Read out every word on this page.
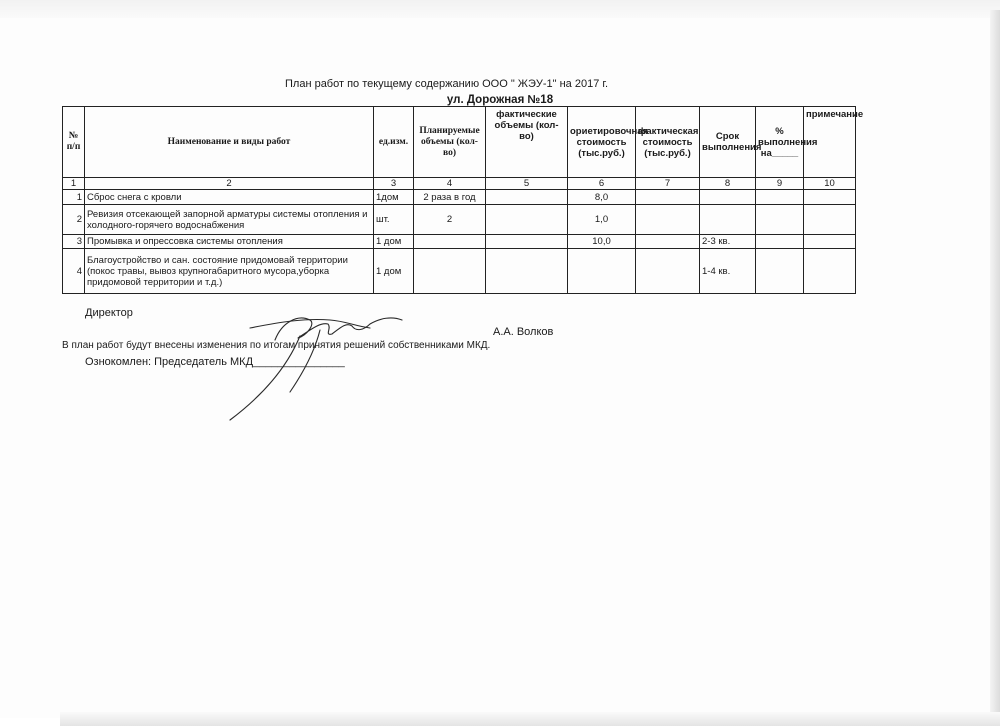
План работ по текущему содержанию ООО " ЖЭУ-1" на 2017 г.
ул. Дорожная №18
№ п/п	Наименование и виды работ	ед.изм.	Планируемые объемы (кол-во)	фактические объемы (кол-во)	ориетировочная стоимость (тыс.руб.)	фактическая стоимость (тыс.руб.)	Срок выполнения	% выполнения на_____	примечание
1	2	3	4	5	6	7	8	9	10
1	Сброс снега с кровли	1дом	2 раза в год		8,0				
2	Ревизия отсекающей запорной арматуры системы отопления и холодного-горячего водоснабжения	шт.	2		1,0				
3	Промывка и опрессовка системы отопления	1 дом			10,0		2-3 кв.		
4	Благоустройство и сан. состояние придомовай территории (покос травы, вывоз крупногабаритного мусора,уборка придомовой территории и т.д.)	1 дом					1-4 кв.		
Директор
А.А. Волков
В план работ будут внесены изменения по итогам принятия решений собственниками МКД.
Ознокомлен: Председатель МКД_______________
